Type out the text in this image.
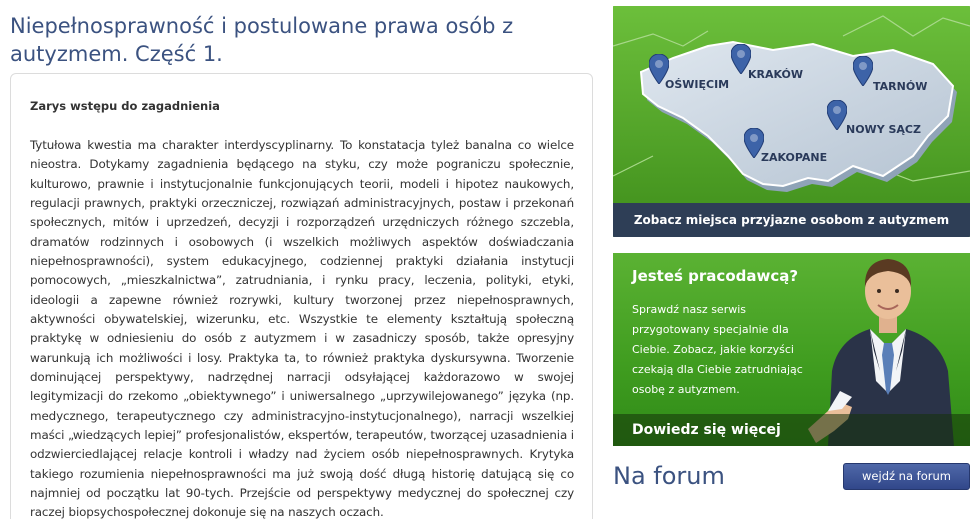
Niepełnosprawność i postulowane prawa osób z autyzmem. Część 1.
Zarys wstępu do zagadnienia
Tytułowa kwestia ma charakter interdyscyplinarny. To konstatacja tyleż banalna co wielce nieostra. Dotykamy zagadnienia będącego na styku, czy może pograniczu społecznie, kulturowo, prawnie i instytucjonalnie funkcjonujących teorii, modeli i hipotez naukowych, regulacji prawnych, praktyki orzeczniczej, rozwiązań administracyjnych, postaw i przekonań społecznych, mitów i uprzedzeń, decyzji i rozporządzeń urzędniczych różnego szczebla, dramatów rodzinnych i osobowych (i wszelkich możliwych aspektów doświadczania niepełnosprawności), system edukacyjnego, codziennej praktyki działania instytucji pomocowych, „mieszkalnictwa”, zatrudniania, i rynku pracy, leczenia, polityki, etyki, ideologii a zapewne również rozrywki, kultury tworzonej przez niepełnosprawnych, aktywności obywatelskiej, wizerunku, etc. Wszystkie te elementy kształtują społeczną praktykę w odniesieniu do osób z autyzmem i w zasadniczy sposób, także opresyjny warunkują ich możliwości i losy. Praktyka ta, to również praktyka dyskursywna. Tworzenie dominującej perspektywy, nadrzędnej narracji odsyłającej każdorazowo w swojej legitymizacji do rzekomo „obiektywnego” i uniwersalnego „uprzywilejowanego” języka (np. medycznego, terapeutycznego czy administracyjno-instytucjonalnego), narracji wszelkiej maści „wiedzących lepiej” profesjonalistów, ekspertów, terapeutów, tworzącej uzasadnienia i odzwierciedlającej relacje kontroli i władzy nad życiem osób niepełnosprawnych. Krytyka takiego rozumienia niepełnosprawności ma już swoją dość długą historię datującą się co najmniej od początku lat 90-tych. Przejście od perspektywy medycznej do społecznej czy raczej biopsychospołecznej dokonuje się na naszych oczach.
OŚWIĘCIM
KRAKÓW
TARNÓW
NOWY SĄCZ
ZAKOPANE
Zobacz miejsca przyjazne osobom z autyzmem
Jesteś pracodawcą?
Sprawdź nasz serwis przygotowany specjalnie dla Ciebie. Zobacz, jakie korzyści czekają dla Ciebie zatrudniając osobę z autyzmem.
Dowiedz się więcej
Na forum	wejdź na forum
